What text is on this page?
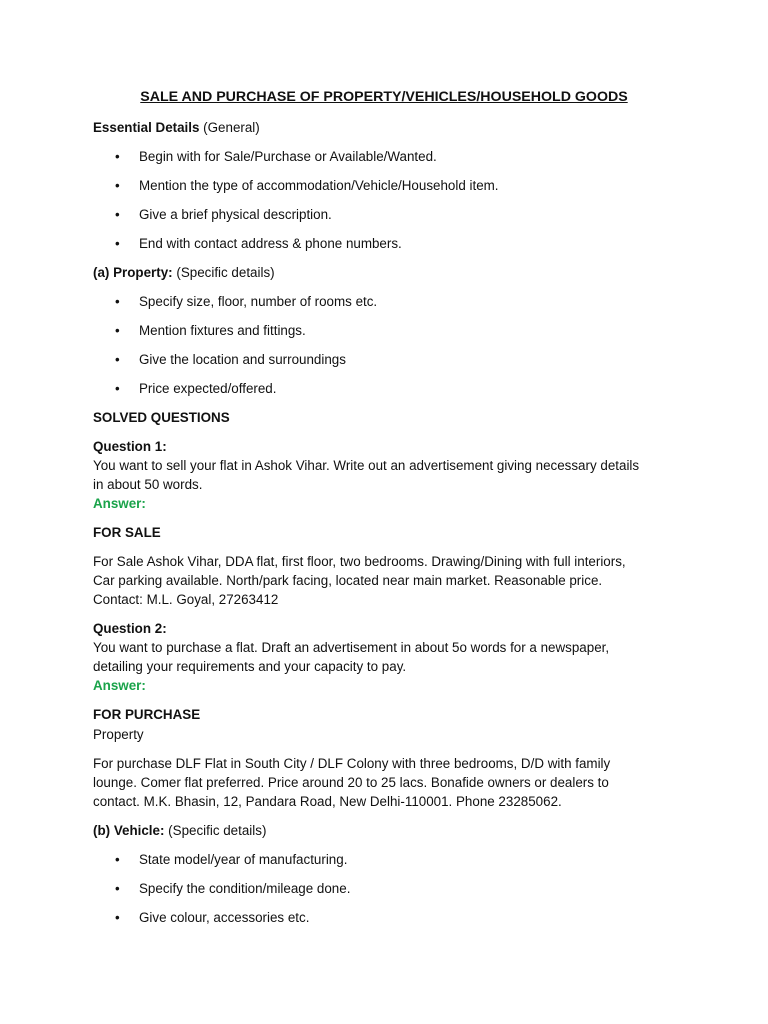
SALE AND PURCHASE OF PROPERTY/VEHICLES/HOUSEHOLD GOODS
Essential Details (General)
• Begin with for Sale/Purchase or Available/Wanted.
• Mention the type of accommodation/Vehicle/Household item.
• Give a brief physical description.
• End with contact address & phone numbers.
(a) Property: (Specific details)
• Specify size, floor, number of rooms etc.
• Mention fixtures and fittings.
• Give the location and surroundings
• Price expected/offered.
SOLVED QUESTIONS
Question 1:
You want to sell your flat in Ashok Vihar. Write out an advertisement giving necessary details
in about 50 words.
Answer:
FOR SALE
For Sale Ashok Vihar, DDA flat, first floor, two bedrooms. Drawing/Dining with full interiors,
Car parking available. North/park facing, located near main market. Reasonable price.
Contact: M.L. Goyal, 27263412
Question 2:
You want to purchase a flat. Draft an advertisement in about 5o words for a newspaper,
detailing your requirements and your capacity to pay.
Answer:
FOR PURCHASE
Property
For purchase DLF Flat in South City / DLF Colony with three bedrooms, D/D with family
lounge. Comer flat preferred. Price around 20 to 25 lacs. Bonafide owners or dealers to
contact. M.K. Bhasin, 12, Pandara Road, New Delhi-110001. Phone 23285062.
(b) Vehicle: (Specific details)
• State model/year of manufacturing.
• Specify the condition/mileage done.
• Give colour, accessories etc.
